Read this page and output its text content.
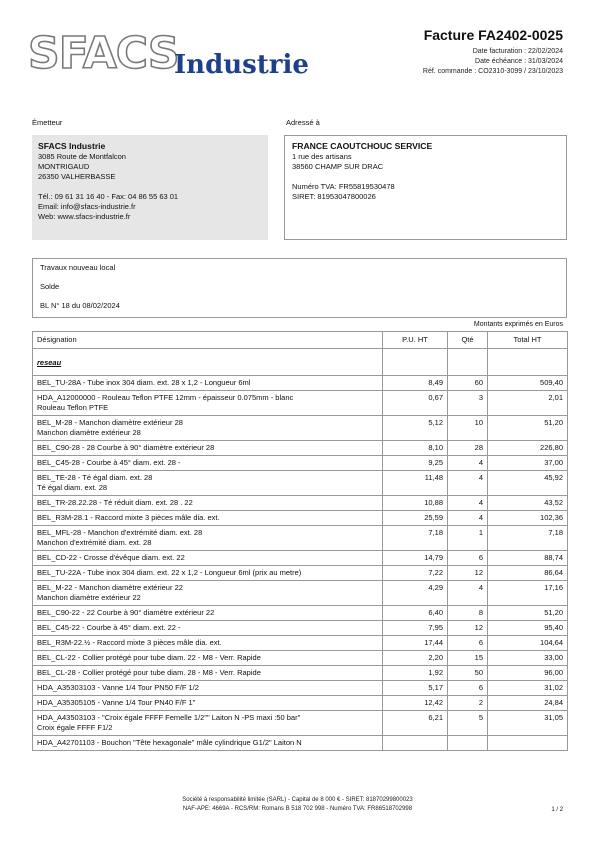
SFACS
Industrie
Facture FA2402-0025
Date facturation : 22/02/2024
Date échéance : 31/03/2024
Réf. commande : CO2310-3099 / 23/10/2023
Émetteur	Adressé à
SFACS Industrie
3085 Route de Montfalcon
MONTRIGAUD
26350 VALHERBASSE
Tél.: 09 61 31 16 40 - Fax: 04 86 55 63 01
Email: info@sfacs-industrie.fr
Web: www.sfacs-industrie.fr
FRANCE CAOUTCHOUC SERVICE
1 rue des artisans
38560 CHAMP SUR DRAC
Numéro TVA: FR55819530478
SIRET: 81953047800026
Travaux nouveau local
Solde
BL N° 18 du 08/02/2024
Montants exprimés en Euros
Désignation	P.U. HT	Qté	Total HT
reseau			

BEL_TU-28A - Tube inox 304 diam. ext. 28 x 1,2 - Longueur 6ml	8,49	60	509,40

HDA_A12000000 - Rouleau Teflon PTFE 12mm - épaisseur 0.075mm - blanc
Rouleau Teflon PTFE	0,67	3	2,01

BEL_M-28 - Manchon diamètre extérieur 28
Manchon diamètre extérieur 28	5,12	10	51,20

BEL_C90-28 - 28 Courbe à 90° diamètre extérieur 28	8,10	28	226,80

BEL_C45-28 - Courbe à 45° diam. ext. 28 -	9,25	4	37,00

BEL_TE-28 - Té égal diam. ext. 28
Té égal diam. ext. 28	11,48	4	45,92

BEL_TR-28.22.28 - Té réduit diam. ext. 28 . 22	10,88	4	43,52

BEL_R3M-28.1 - Raccord mixte 3 pièces mâle dia. ext.	25,59	4	102,36

BEL_MFL-28 - Manchon d'extrémité diam. ext. 28
Manchon d'extrémité diam. ext. 28	7,18	1	7,18

BEL_CD-22 - Crosse d'évêque diam. ext. 22	14,79	6	88,74

BEL_TU-22A - Tube inox 304 diam. ext. 22 x 1,2 - Longueur 6ml (prix au metre)	7,22	12	86,64

BEL_M-22 - Manchon diamètre extérieur 22
Manchon diamètre extérieur 22	4,29	4	17,16

BEL_C90-22 - 22 Courbe à 90° diamètre extérieur 22	6,40	8	51,20

BEL_C45-22 - Courbe à 45° diam. ext. 22 -	7,95	12	95,40

BEL_R3M-22.½ - Raccord mixte 3 pièces mâle dia. ext.	17,44	6	104,64

BEL_CL-22 - Collier protégé pour tube diam. 22 - M8 - Verr. Rapide	2,20	15	33,00

BEL_CL-28 - Collier protégé pour tube diam. 28 - M8 - Verr. Rapide	1,92	50	96,00

HDA_A35303103 - Vanne 1/4 Tour PN50 F/F 1/2	5,17	6	31,02

HDA_A35305105 - Vanne 1/4 Tour PN40 F/F 1"	12,42	2	24,84

HDA_A43503103 - "Croix égale FFFF Femelle 1/2"" Laiton N -PS maxi :50 bar"
Croix égale FFFF F1/2	6,21	5	31,05

HDA_A42701103 - Bouchon "Tête hexagonale" mâle cylindrique G1/2" Laiton N			

Société à responsabilité limitée (SARL) - Capital de 8 000 € - SIRET: 81870299800023
NAF-APE: 4669A - RCS/RM: Romans B 518 702 998 - Numéro TVA: FR86518702998	1 / 2
